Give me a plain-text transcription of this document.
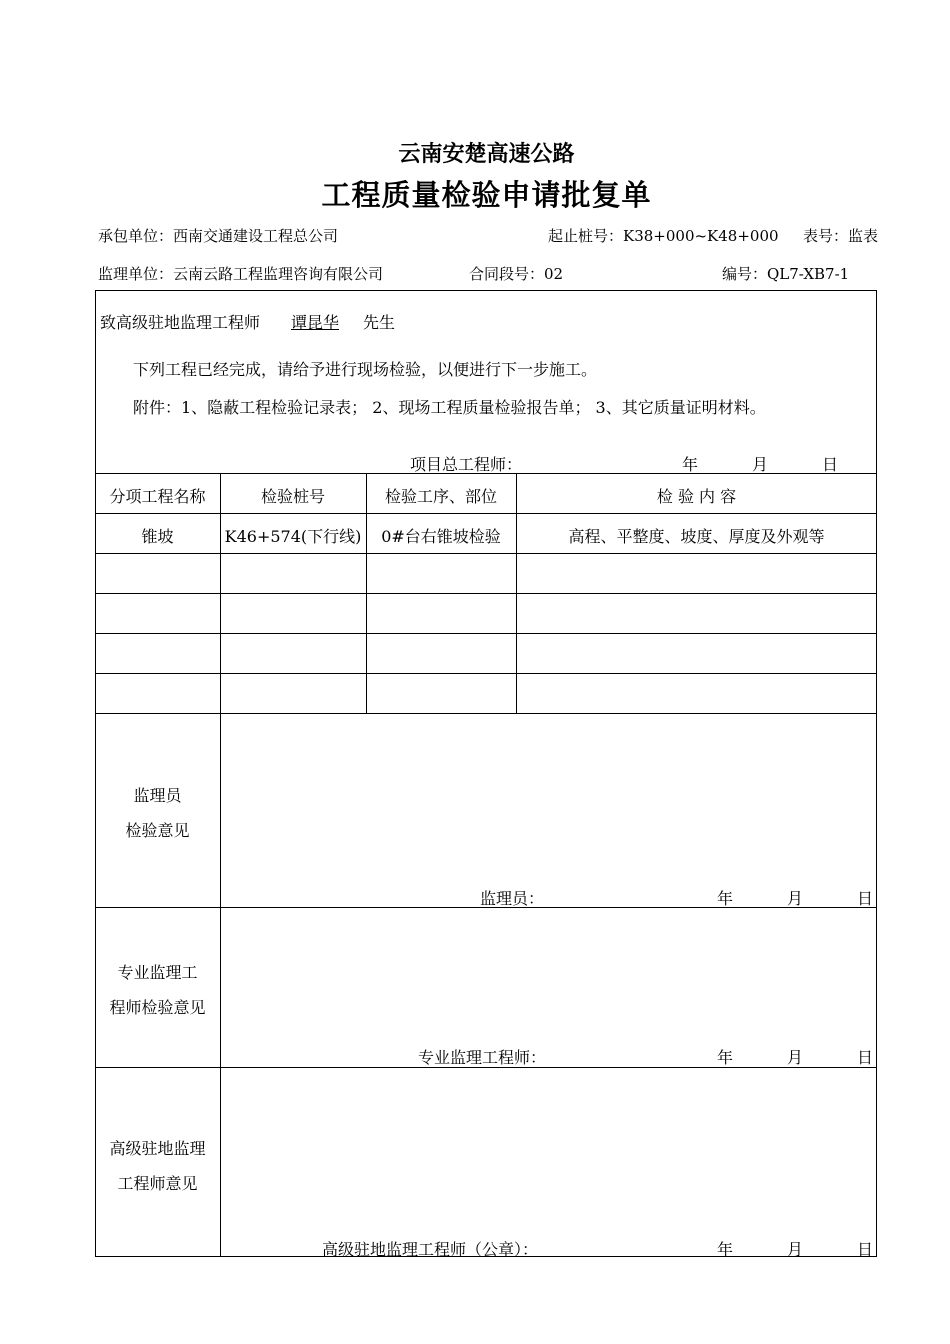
云南安楚高速公路
工程质量检验申请批复单
承包单位：西南交通建设工程总公司	起止桩号：K38+000~K48+000 表号：监表
监理单位：云南云路工程监理咨询有限公司	合同段号：02	编号：QL7-XB7-1
致高级驻地监理工程师	谭昆华	先生
下列工程已经完成，请给予进行现场检验，以便进行下一步施工。
附件：1、隐蔽工程检验记录表； 2、现场工程质量检验报告单； 3、其它质量证明材料。
项目总工程师：	年	月	日
分项工程名称	检验桩号	检验工序、部位	检 验 内 容
锥坡	K46+574(下行线)	0#台右锥坡检验	高程、平整度、坡度、厚度及外观等
监理员
检验意见
监理员：	年	月	日
专业监理工
程师检验意见
专业监理工程师：	年	月	日
高级驻地监理
工程师意见
高级驻地监理工程师（公章）：	年	月	日
